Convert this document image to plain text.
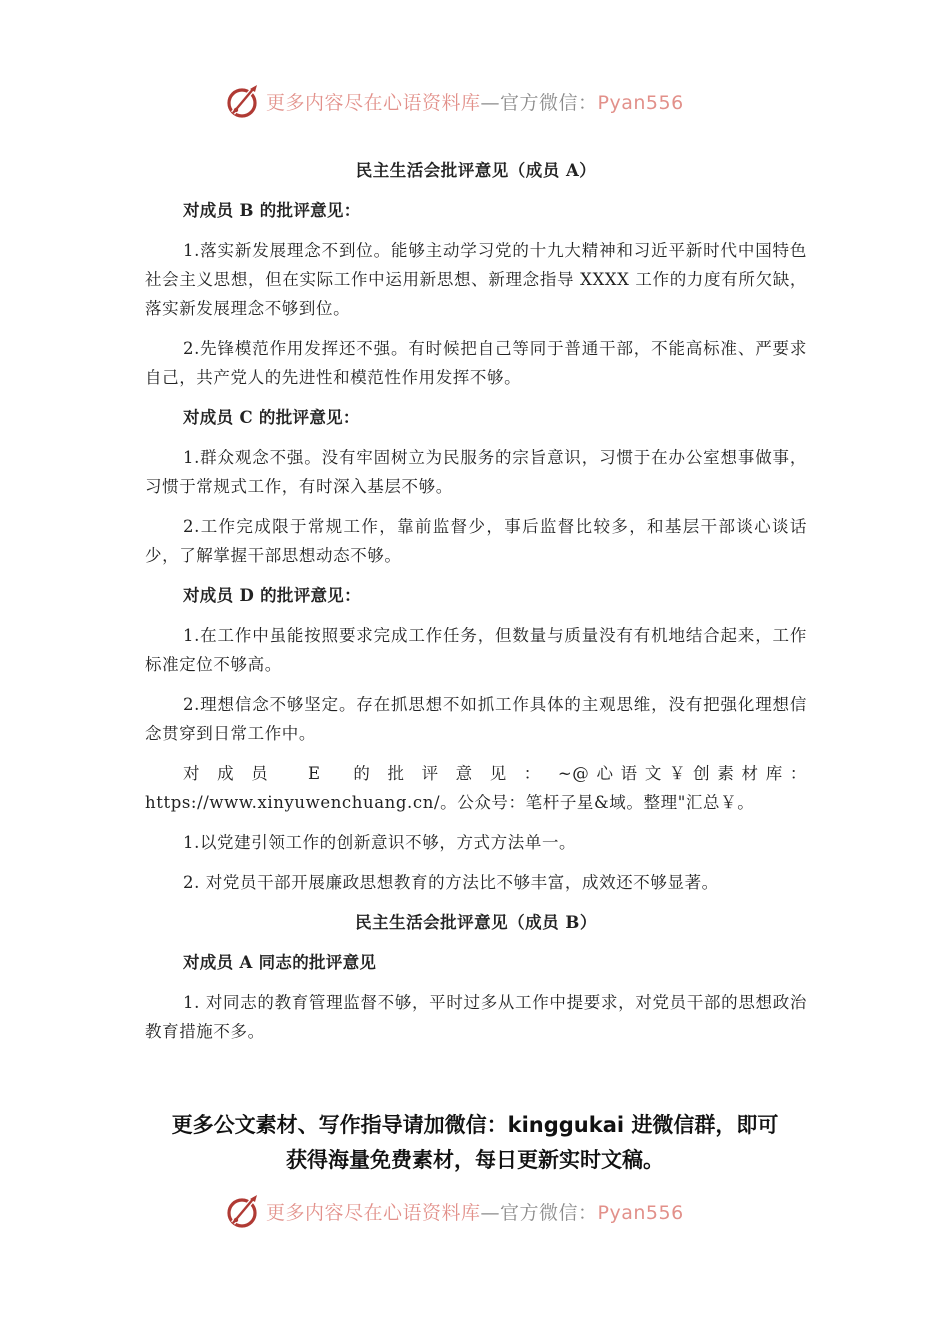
更多内容尽在心语资料库—官方微信：Pyan556
民主生活会批评意见（成员 A）
对成员 B 的批评意见：

1.落实新发展理念不到位。能够主动学习党的十九大精神和习近平新时代中国特色社会主义思想，但在实际工作中运用新思想、新理念指导 XXXX 工作的力度有所欠缺，落实新发展理念不够到位。

2.先锋模范作用发挥还不强。有时候把自己等同于普通干部，不能高标准、严要求自己，共产党人的先进性和模范性作用发挥不够。

对成员 C 的批评意见：

1.群众观念不强。没有牢固树立为民服务的宗旨意识，习惯于在办公室想事做事，习惯于常规式工作，有时深入基层不够。

2.工作完成限于常规工作，靠前监督少，事后监督比较多，和基层干部谈心谈话少，了解掌握干部思想动态不够。

对成员 D 的批评意见：

1.在工作中虽能按照要求完成工作任务，但数量与质量没有有机地结合起来，工作标准定位不够高。

2.理想信念不够坚定。存在抓思想不如抓工作具体的主观思维，没有把强化理想信念贯穿到日常工作中。

对成员 E 的批评意见：~@心语文￥创素材库：https://www.xinyuwenchuang.cn/。公众号：笔杆子星&域。整理"汇总￥。

1.以党建引领工作的创新意识不够，方式方法单一。

2. 对党员干部开展廉政思想教育的方法比不够丰富，成效还不够显著。

民主生活会批评意见（成员 B）
对成员 A 同志的批评意见

1. 对同志的教育管理监督不够，平时过多从工作中提要求，对党员干部的思想政治教育措施不多。

更多公文素材、写作指导请加微信：kinggukai 进微信群，即可
获得海量免费素材，每日更新实时文稿。
更多内容尽在心语资料库—官方微信：Pyan556
